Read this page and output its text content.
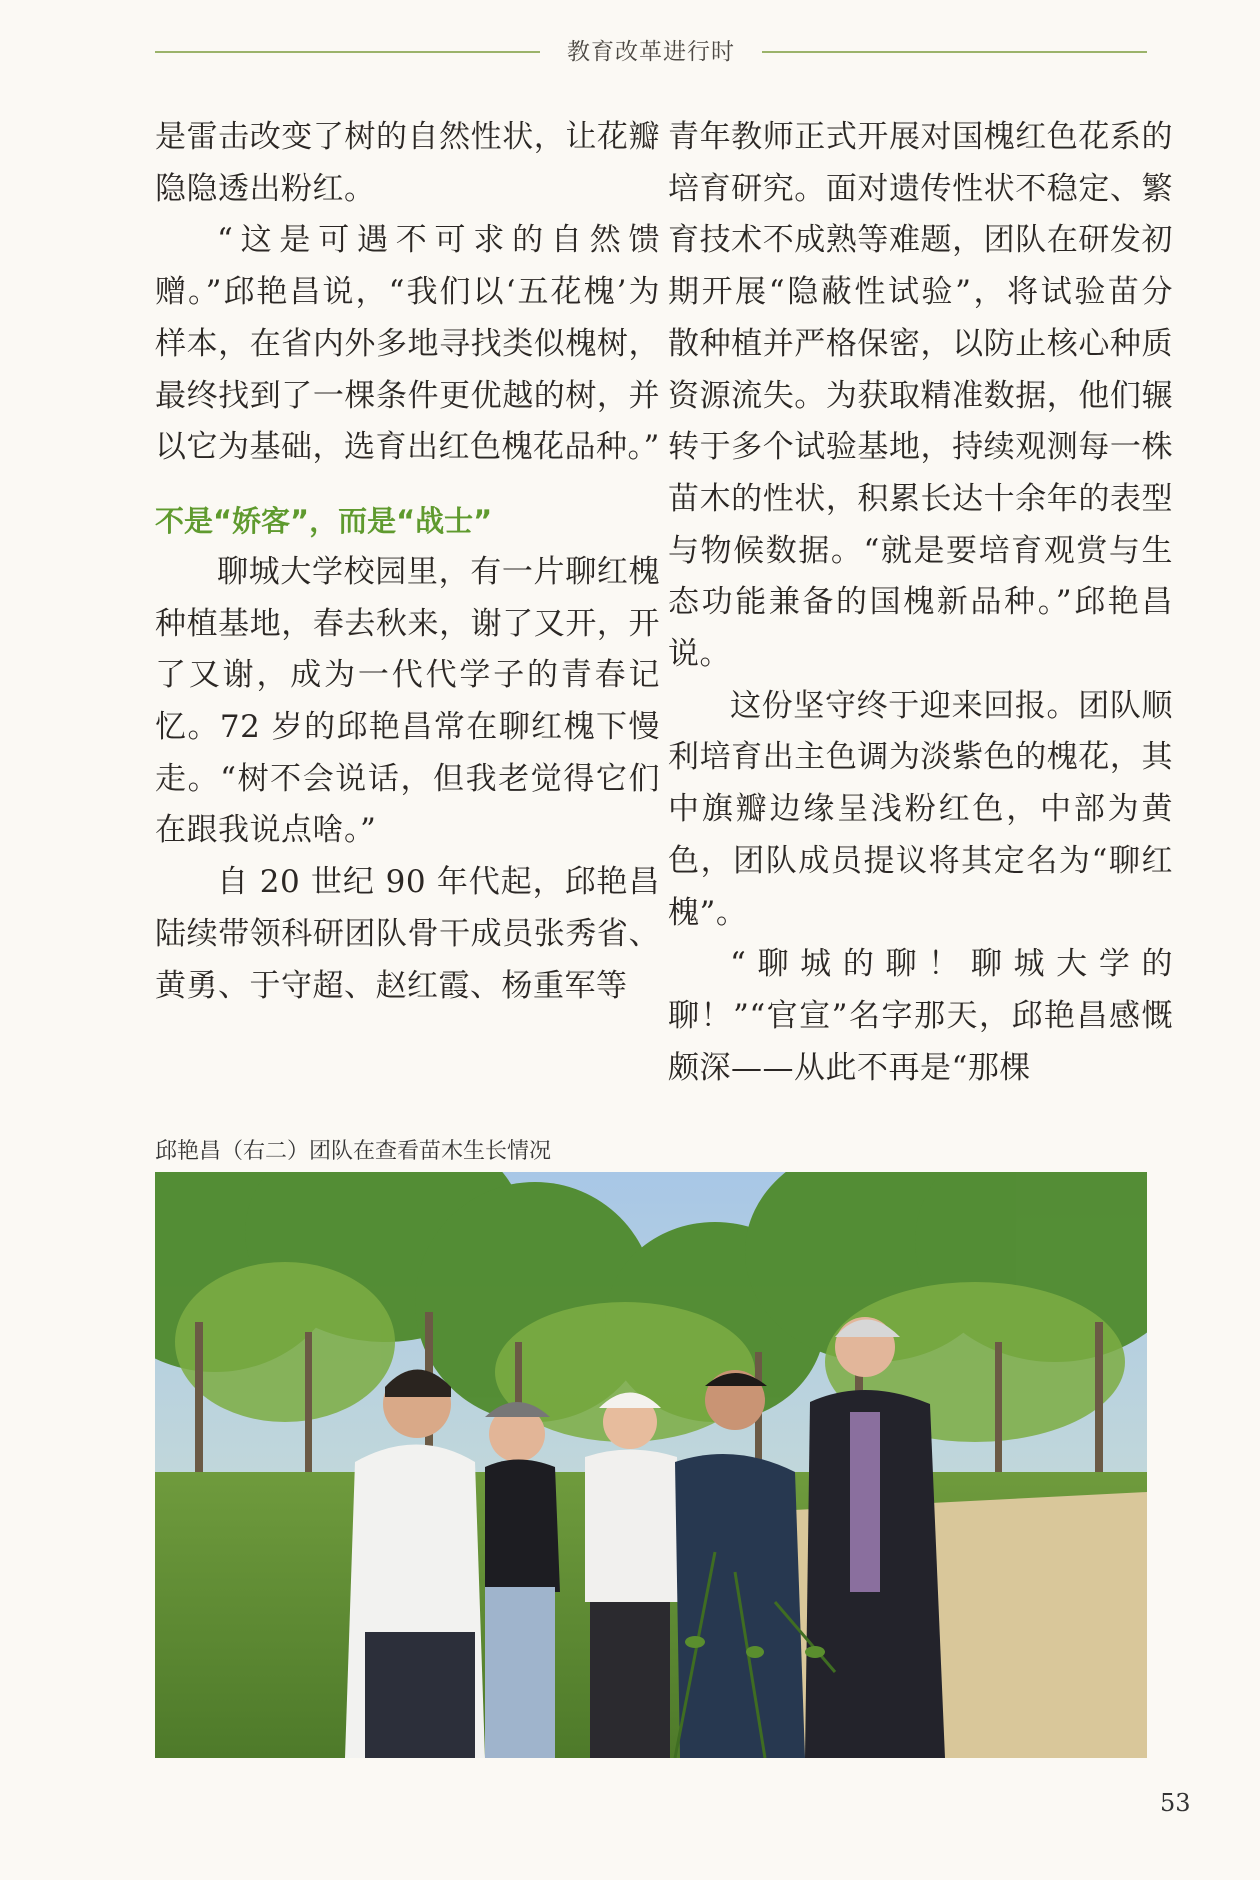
教育改革进行时

是雷击改变了树的自然性状，让花瓣隐隐透出粉红。

“这是可遇不可求的自然馈赠。”邱艳昌说，“我们以‘五花槐’为样本，在省内外多地寻找类似槐树，最终找到了一棵条件更优越的树，并以它为基础，选育出红色槐花品种。”

不是“娇客”，而是“战士”

聊城大学校园里，有一片聊红槐种植基地，春去秋来，谢了又开，开了又谢，成为一代代学子的青春记忆。72 岁的邱艳昌常在聊红槐下慢走。“树不会说话，但我老觉得它们在跟我说点啥。”

自 20 世纪 90 年代起，邱艳昌陆续带领科研团队骨干成员张秀省、黄勇、于守超、赵红霞、杨重军等

青年教师正式开展对国槐红色花系的培育研究。面对遗传性状不稳定、繁育技术不成熟等难题，团队在研发初期开展“隐蔽性试验”，将试验苗分散种植并严格保密，以防止核心种质资源流失。为获取精准数据，他们辗转于多个试验基地，持续观测每一株苗木的性状，积累长达十余年的表型与物候数据。“就是要培育观赏与生态功能兼备的国槐新品种。”邱艳昌说。

这份坚守终于迎来回报。团队顺利培育出主色调为淡紫色的槐花，其中旗瓣边缘呈浅粉红色，中部为黄色，团队成员提议将其定名为“聊红槐”。

“聊城的聊！聊城大学的聊！”“官宣”名字那天，邱艳昌感慨颇深——从此不再是“那棵

邱艳昌（右二）团队在查看苗木生长情况
53
